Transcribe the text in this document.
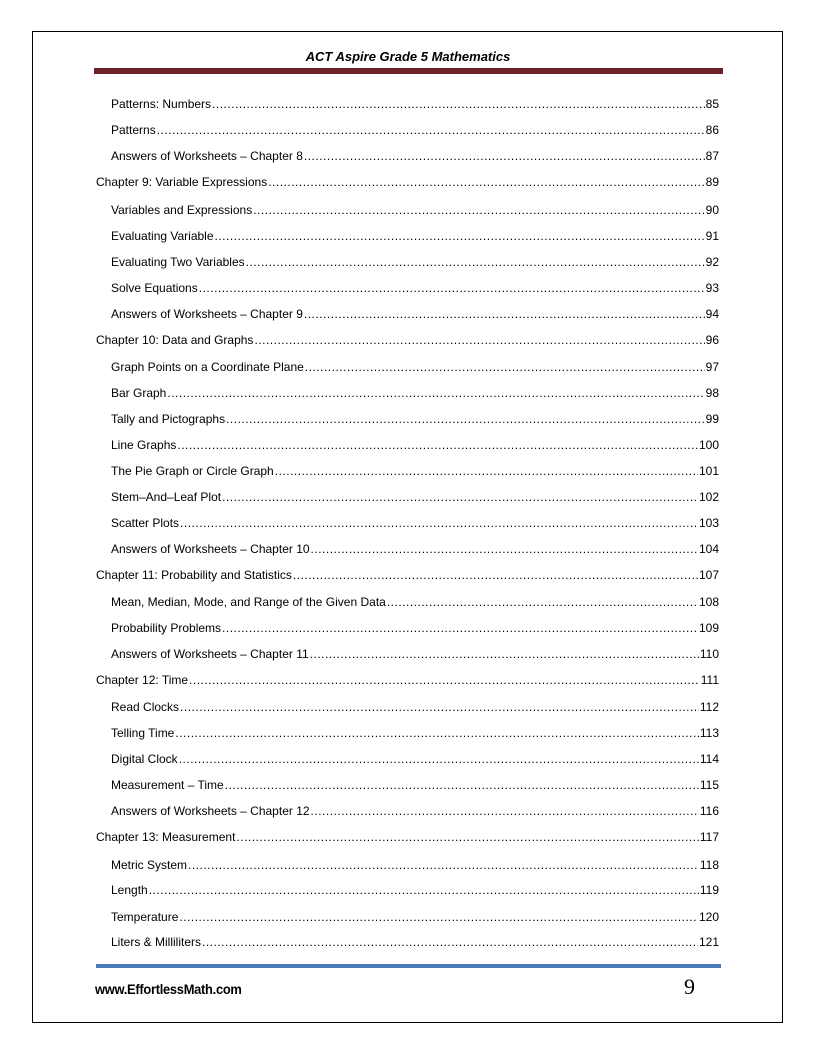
ACT Aspire Grade 5 Mathematics
Patterns: Numbers .....	85
Patterns .....	86
Answers of Worksheets – Chapter 8 .....	87
Chapter 9: Variable Expressions .....	89
Variables and Expressions .....	90
Evaluating Variable .....	91
Evaluating Two Variables .....	92
Solve Equations .....	93
Answers of Worksheets – Chapter 9 .....	94
Chapter 10: Data and Graphs .....	96
Graph Points on a Coordinate Plane .....	97
Bar Graph .....	98
Tally and Pictographs .....	99
Line Graphs .....	100
The Pie Graph or Circle Graph .....	101
Stem–And–Leaf Plot .....	102
Scatter Plots .....	103
Answers of Worksheets – Chapter 10 .....	104
Chapter 11: Probability and Statistics .....	107
Mean, Median, Mode, and Range of the Given Data .....	108
Probability Problems .....	109
Answers of Worksheets – Chapter 11 .....	110
Chapter 12: Time .....	111
Read Clocks .....	112
Telling Time .....	113
Digital Clock .....	114
Measurement – Time .....	115
Answers of Worksheets – Chapter 12 .....	116
Chapter 13: Measurement .....	117
Metric System .....	118
Length .....	119
Temperature .....	120
Liters & Milliliters .....	121
www.EffortlessMath.com	9
